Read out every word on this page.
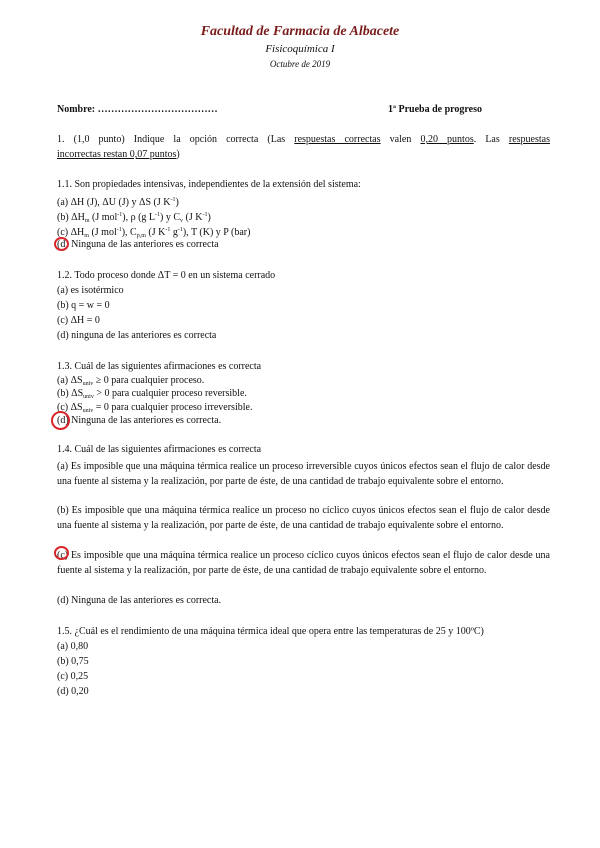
Facultad de Farmacia de Albacete
Fisicoquímica I
Octubre de 2019
Nombre: ………………………………	1ª Prueba de progreso
1. (1,0 punto) Indique la opción correcta (Las respuestas correctas valen 0,20 puntos. Las respuestas
incorrectas restan 0,07 puntos)
1.1. Son propiedades intensivas, independientes de la extensión del sistema:
(a) ΔH (J), ΔU (J) y ΔS (J $K^{-1}$)
(b) $\Delta H_m$ (J mol$^{-1}$), ρ (g $L^{-1}$) y $C_v$ (J $K^{-1}$)
(c) $\Delta H_m$ (J mol$^{-1}$), $C_{p,m}$ (J $K^{-1}$ $g^{-1}$), T (K) y P (bar)
(d) Ninguna de las anteriores es correcta
1.2. Todo proceso donde ΔT = 0 en un sistema cerrado
(a) es isotérmico
(b) q = w = 0
(c) ΔH = 0
(d) ninguna de las anteriores es correcta
1.3. Cuál de las siguientes afirmaciones es correcta
(a) $\Delta S_{univ} \ge 0$ para cualquier proceso.
(b) $\Delta S_{univ} > 0$ para cualquier proceso reversible.
(c) $\Delta S_{univ} = 0$ para cualquier proceso irreversible.
(d) Ninguna de las anteriores es correcta.
1.4. Cuál de las siguientes afirmaciones es correcta
(a) Es imposible que una máquina térmica realice un proceso irreversible cuyos únicos efectos sean el flujo de calor desde una fuente al sistema y la realización, por parte de éste, de una cantidad de trabajo equivalente sobre el entorno.
(b) Es imposible que una máquina térmica realice un proceso no cíclico cuyos únicos efectos sean el flujo de calor desde una fuente al sistema y la realización, por parte de éste, de una cantidad de trabajo equivalente sobre el entorno.
(c) Es imposible que una máquina térmica realice un proceso cíclico cuyos únicos efectos sean el flujo de calor desde una fuente al sistema y la realización, por parte de éste, de una cantidad de trabajo equivalente sobre el entorno.
(d) Ninguna de las anteriores es correcta.
1.5. ¿Cuál es el rendimiento de una máquina térmica ideal que opera entre las temperaturas de 25 y 100ºC)
(a) 0,80
(b) 0,75
(c) 0,25
(d) 0,20
